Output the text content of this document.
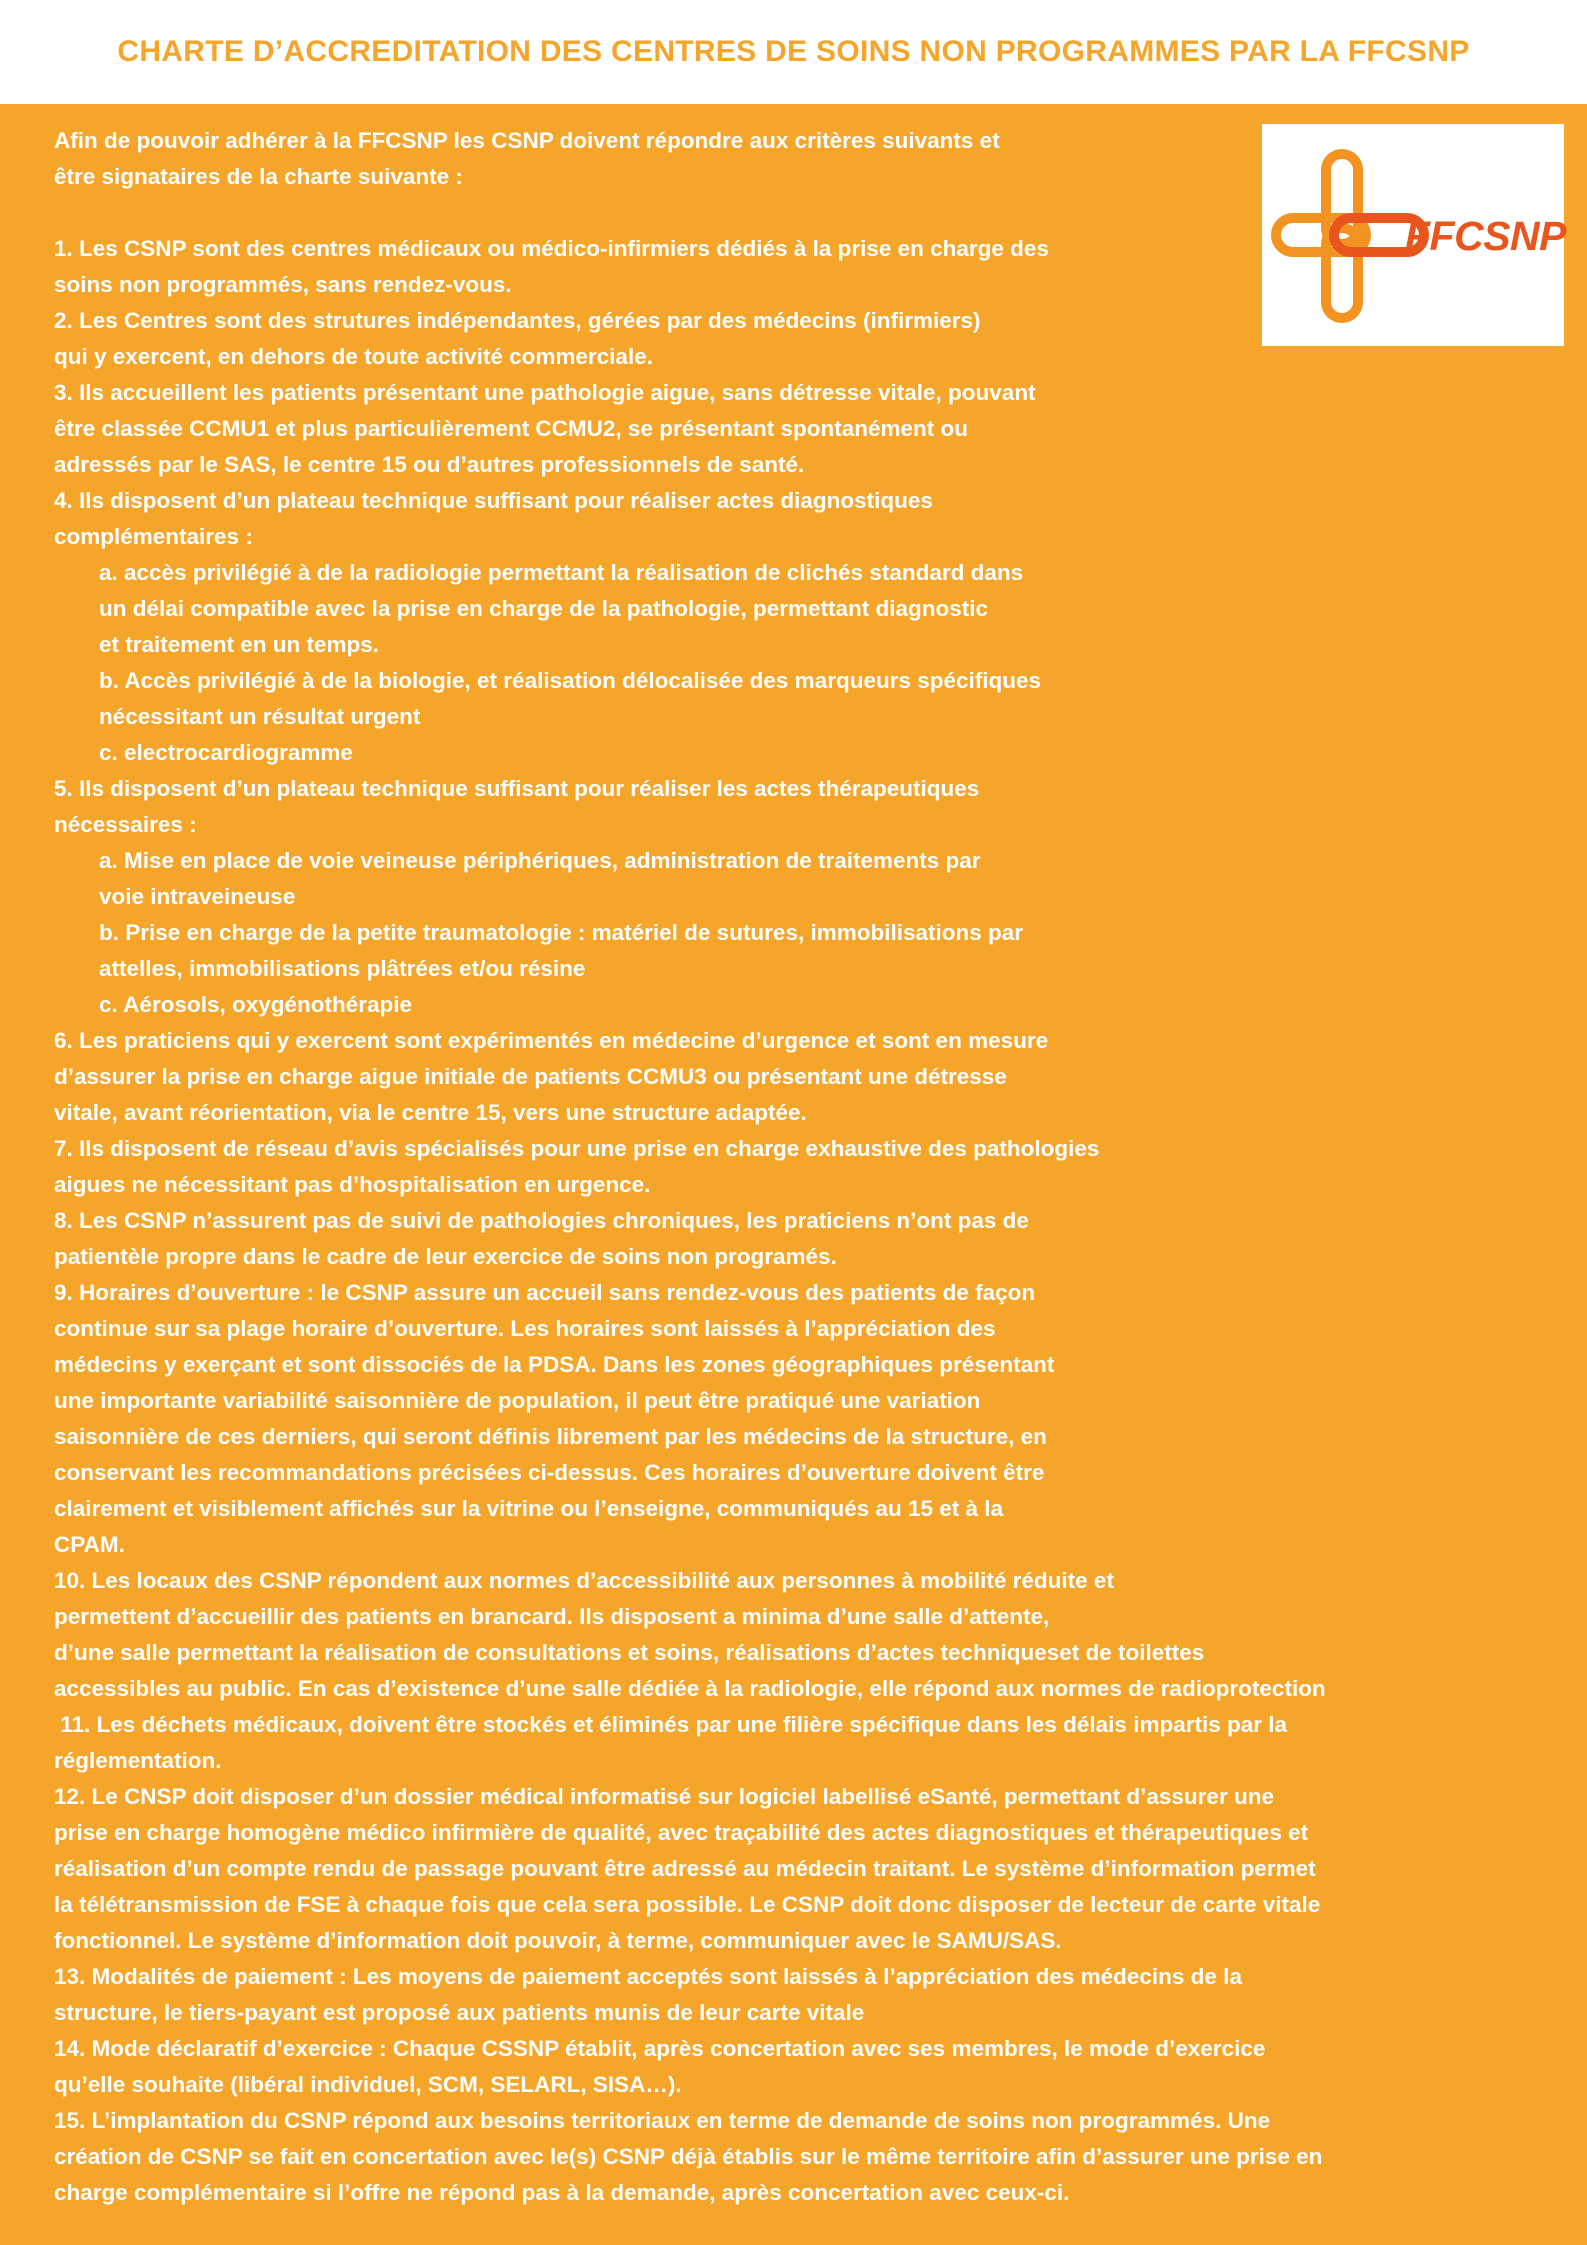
CHARTE D’ACCREDITATION DES CENTRES DE SOINS NON PROGRAMMES PAR LA FFCSNP
FFCSNP

Afin de pouvoir adhérer à la FFCSNP les CSNP doivent répondre aux critères suivants et

être signataires de la charte suivante :

1. Les CSNP sont des centres médicaux ou médico-infirmiers dédiés à la prise en charge des

soins non programmés, sans rendez-vous.

2. Les Centres sont des strutures indépendantes, gérées par des médecins (infirmiers)

qui y exercent, en dehors de toute activité commerciale.

3. Ils accueillent les patients présentant une pathologie aigue, sans détresse vitale, pouvant

être classée CCMU1 et plus particulièrement CCMU2, se présentant spontanément ou

adressés par le SAS, le centre 15 ou d’autres professionnels de santé.

4. Ils disposent d’un plateau technique suffisant pour réaliser actes diagnostiques

complémentaires :

a. accès privilégié à de la radiologie permettant la réalisation de clichés standard dans

un délai compatible avec la prise en charge de la pathologie, permettant diagnostic

et traitement en un temps.

b. Accès privilégié à de la biologie, et réalisation délocalisée des marqueurs spécifiques

nécessitant un résultat urgent

c. electrocardiogramme

5. Ils disposent d’un plateau technique suffisant pour réaliser les actes thérapeutiques

nécessaires :

a. Mise en place de voie veineuse périphériques, administration de traitements par

voie intraveineuse

b. Prise en charge de la petite traumatologie : matériel de sutures, immobilisations par

attelles, immobilisations plâtrées et/ou résine

c. Aérosols, oxygénothérapie

6. Les praticiens qui y exercent sont expérimentés en médecine d’urgence et sont en mesure

d’assurer la prise en charge aigue initiale de patients CCMU3 ou présentant une détresse

vitale, avant réorientation, via le centre 15, vers une structure adaptée.

7. Ils disposent de réseau d’avis spécialisés pour une prise en charge exhaustive des pathologies

aigues ne nécessitant pas d’hospitalisation en urgence.

8. Les CSNP n’assurent pas de suivi de pathologies chroniques, les praticiens n’ont pas de

patientèle propre dans le cadre de leur exercice de soins non programés.

9. Horaires d’ouverture : le CSNP assure un accueil sans rendez-vous des patients de façon

continue sur sa plage horaire d’ouverture. Les horaires sont laissés à l’appréciation des

médecins y exerçant et sont dissociés de la PDSA. Dans les zones géographiques présentant

une importante variabilité saisonnière de population, il peut être pratiqué une variation

saisonnière de ces derniers, qui seront définis librement par les médecins de la structure, en

conservant les recommandations précisées ci-dessus. Ces horaires d’ouverture doivent être

clairement et visiblement affichés sur la vitrine ou l’enseigne, communiqués au 15 et à la

CPAM.

10. Les locaux des CSNP répondent aux normes d’accessibilité aux personnes à mobilité réduite et

permettent d’accueillir des patients en brancard. Ils disposent a minima d’une salle d’attente,

d’une salle permettant la réalisation de consultations et soins, réalisations d’actes techniqueset de toilettes

accessibles au public. En cas d’existence d’une salle dédiée à la radiologie, elle répond aux normes de radioprotection

11. Les déchets médicaux, doivent être stockés et éliminés par une filière spécifique dans les délais impartis par la

réglementation.

12. Le CNSP doit disposer d’un dossier médical informatisé sur logiciel labellisé eSanté, permettant d’assurer une

prise en charge homogène médico infirmière de qualité, avec traçabilité des actes diagnostiques et thérapeutiques et

réalisation d’un compte rendu de passage pouvant être adressé au médecin traitant. Le système d’information permet

la télétransmission de FSE à chaque fois que cela sera possible. Le CSNP doit donc disposer de lecteur de carte vitale

fonctionnel. Le système d’information doit pouvoir, à terme, communiquer avec le SAMU/SAS.

13. Modalités de paiement : Les moyens de paiement acceptés sont laissés à l’appréciation des médecins de la

structure, le tiers-payant est proposé aux patients munis de leur carte vitale

14. Mode déclaratif d’exercice : Chaque CSSNP établit, après concertation avec ses membres, le mode d’exercice

qu’elle souhaite (libéral individuel, SCM, SELARL, SISA…).

15. L’implantation du CSNP répond aux besoins territoriaux en terme de demande de soins non programmés. Une

création de CSNP se fait en concertation avec le(s) CSNP déjà établis sur le même territoire afin d’assurer une prise en

charge complémentaire si l’offre ne répond pas à la demande, après concertation avec ceux-ci.
